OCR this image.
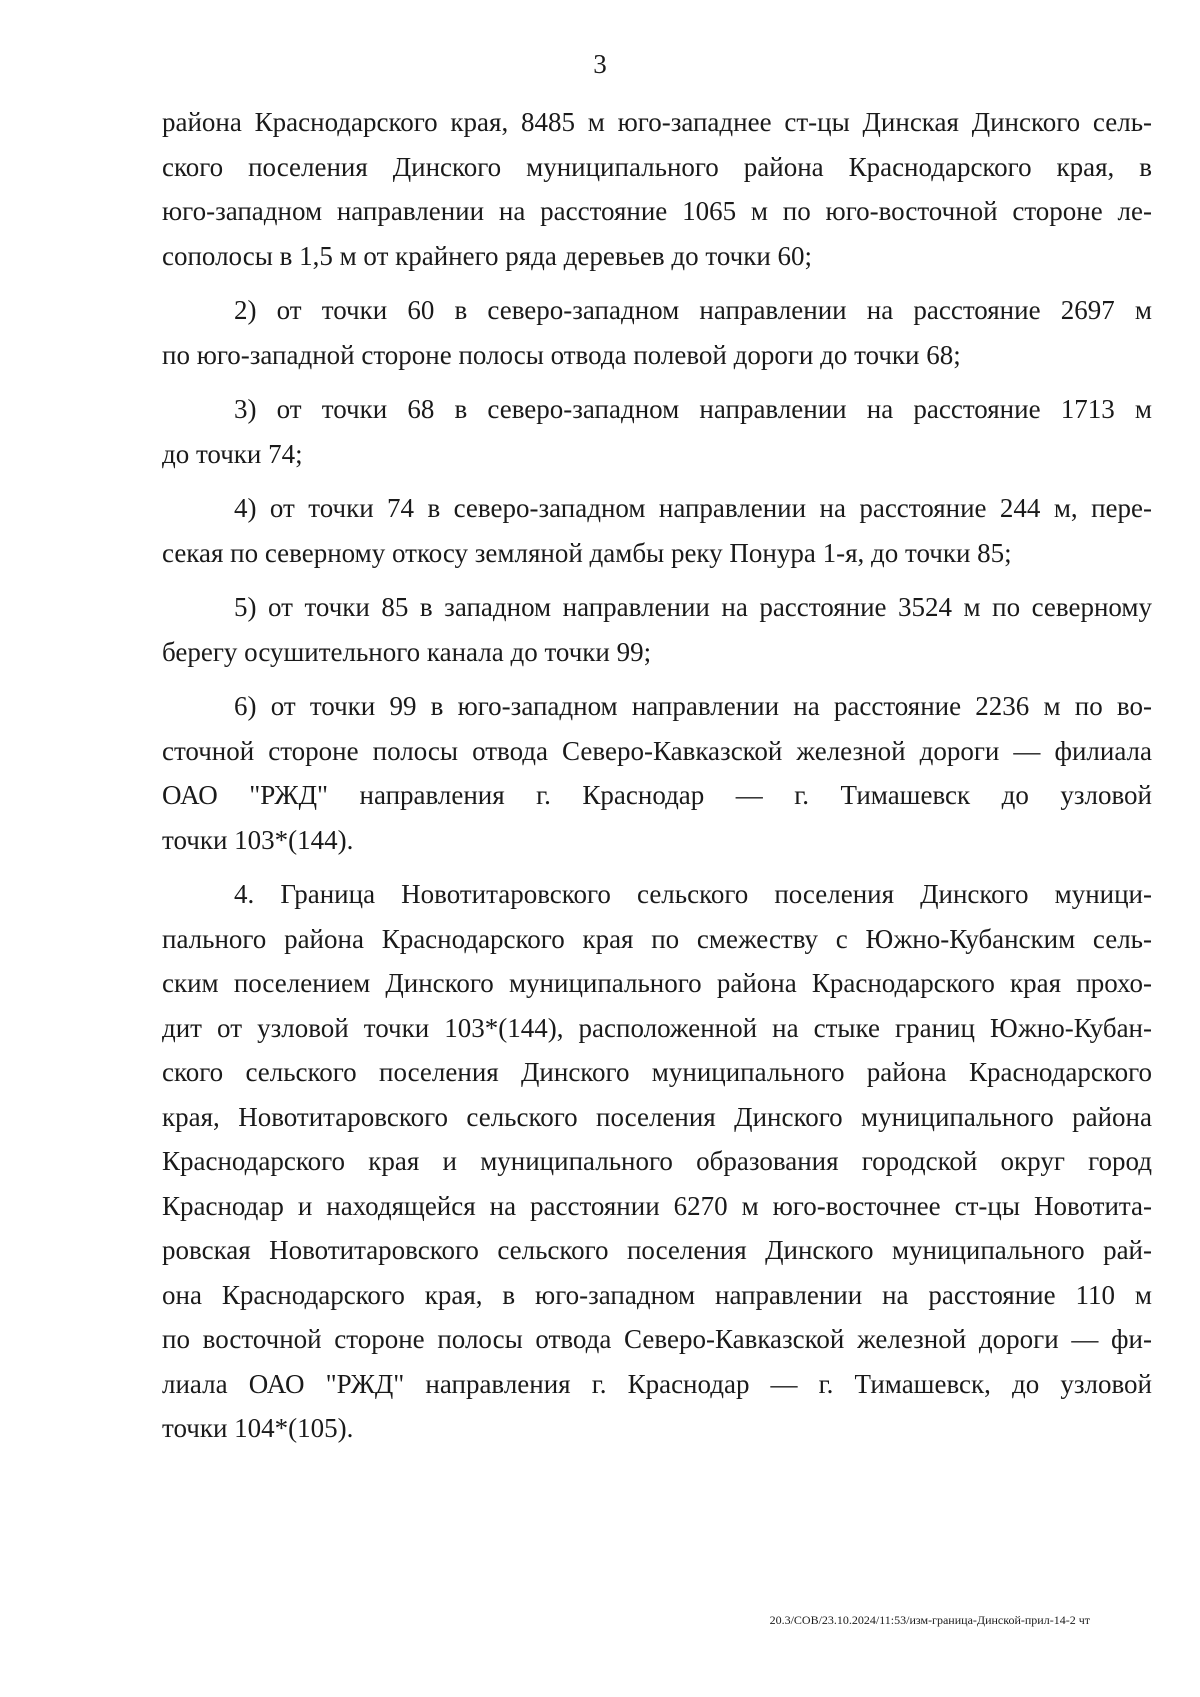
3
района Краснодарского края, 8485 м юго-западнее ст-цы Динская Динского сель-
ского поселения Динского муниципального района Краснодарского края, в
юго-западном направлении на расстояние 1065 м по юго-восточной стороне ле-
сополосы в 1,5 м от крайнего ряда деревьев до точки 60;
2) от точки 60 в северо-западном направлении на расстояние 2697 м
по юго-западной стороне полосы отвода полевой дороги до точки 68;
3) от точки 68 в северо-западном направлении на расстояние 1713 м
до точки 74;
4) от точки 74 в северо-западном направлении на расстояние 244 м, пере-
секая по северному откосу земляной дамбы реку Понура 1-я, до точки 85;
5) от точки 85 в западном направлении на расстояние 3524 м по северному
берегу осушительного канала до точки 99;
6) от точки 99 в юго-западном направлении на расстояние 2236 м по во-
сточной стороне полосы отвода Северо-Кавказской железной дороги — филиала
ОАО "РЖД" направления г. Краснодар — г. Тимашевск до узловой
точки 103*(144).
4. Граница Новотитаровского сельского поселения Динского муници-
пального района Краснодарского края по смежеству с Южно-Кубанским сель-
ским поселением Динского муниципального района Краснодарского края прохо-
дит от узловой точки 103*(144), расположенной на стыке границ Южно-Кубан-
ского сельского поселения Динского муниципального района Краснодарского
края, Новотитаровского сельского поселения Динского муниципального района
Краснодарского края и муниципального образования городской округ город
Краснодар и находящейся на расстоянии 6270 м юго-восточнее ст-цы Новотита-
ровская Новотитаровского сельского поселения Динского муниципального рай-
она Краснодарского края, в юго-западном направлении на расстояние 110 м
по восточной стороне полосы отвода Северо-Кавказской железной дороги — фи-
лиала ОАО "РЖД" направления г. Краснодар — г. Тимашевск, до узловой
точки 104*(105).
20.3/СОВ/23.10.2024/11:53/изм-граница-Динской-прил-14-2 чт
